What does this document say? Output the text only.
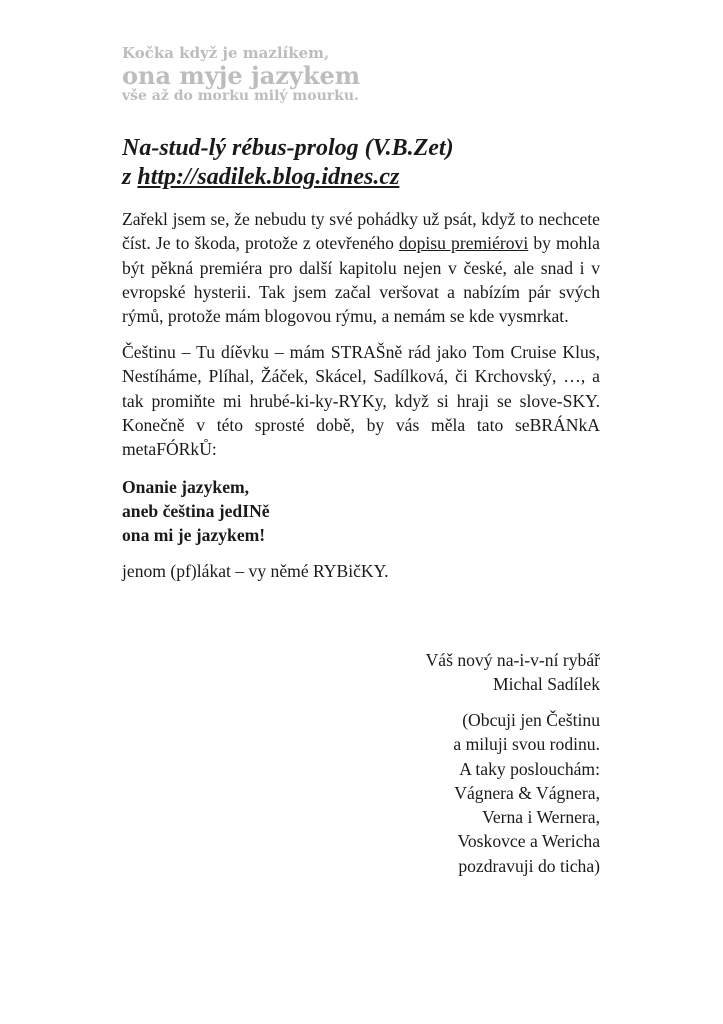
Kočka když je mazlíkem,
ona myje jazykem
vše až do morku milý mourku.
Na-stud-lý rébus-prolog (V.B.Zet)
z http://sadilek.blog.idnes.cz

Zařekl jsem se, že nebudu ty své pohádky už psát, když to nechcete číst. Je to škoda, protože z otevřeného dopisu premiérovi by mohla být pěkná premiéra pro další kapitolu nejen v české, ale snad i v evropské hysterii. Tak jsem začal veršovat a nabízím pár svých rýmů, protože mám blogovou rýmu, a nemám se kde vysmrkat.

Češtinu – Tu díěvku – mám STRAŠně rád jako Tom Cruise Klus, Nestíháme, Plíhal, Žáček, Skácel, Sadílková, či Krchovský, …, a tak promiňte mi hrubé-ki-ky-RYKy, když si hraji se slove-SKY. Konečně v této sprosté době, by vás měla tato seBRÁNkA metaFÓRkŮ:

Onanie jazykem,
aneb čeština jedINě
ona mi je jazykem!
jenom (pf)lákat – vy němé RYBičKY.
Váš nový na-i-v-ní rybář
Michal Sadílek
(Obcuji jen Češtinu
a miluji svou rodinu.
A taky poslouchám:
Vágnera & Vágnera,
Verna i Wernera,
Voskovce a Wericha
pozdravuji do ticha)
